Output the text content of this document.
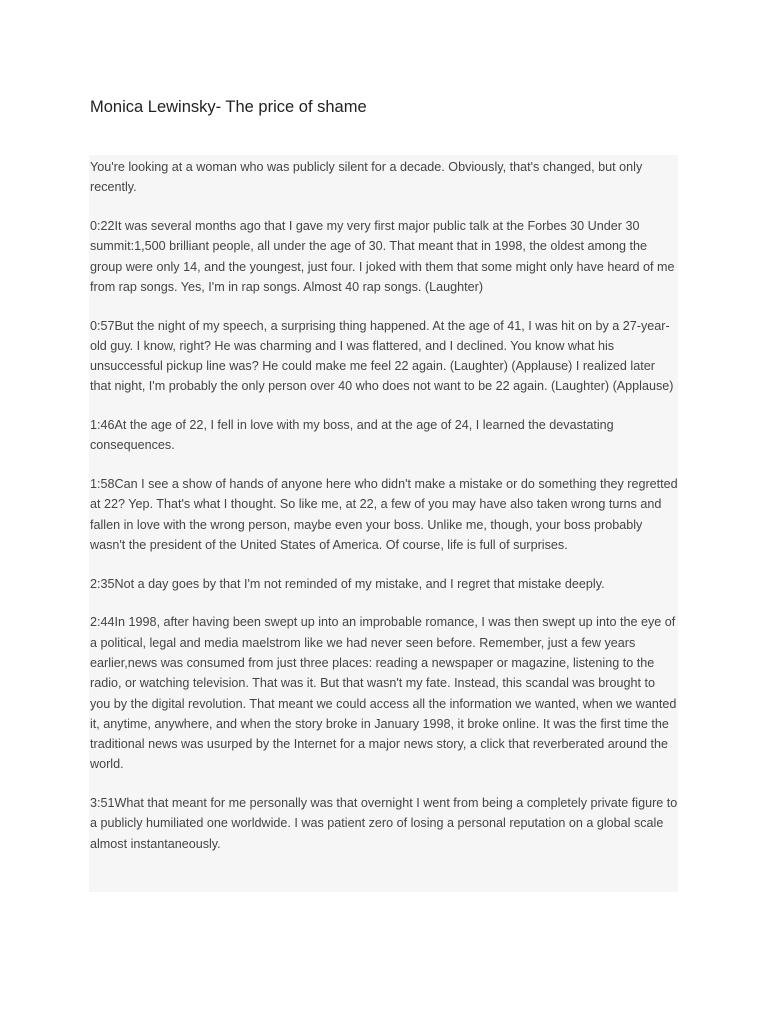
Monica Lewinsky- The price of shame

You're looking at a woman who was publicly silent for a decade. Obviously, that's changed, but only recently.

0:22It was several months ago that I gave my very first major public talk at the Forbes 30 Under 30 summit:1,500 brilliant people, all under the age of 30. That meant that in 1998, the oldest among the group were only 14, and the youngest, just four. I joked with them that some might only have heard of me from rap songs. Yes, I'm in rap songs. Almost 40 rap songs. (Laughter)

0:57But the night of my speech, a surprising thing happened. At the age of 41, I was hit on by a 27-year-old guy. I know, right? He was charming and I was flattered, and I declined. You know what his unsuccessful pickup line was? He could make me feel 22 again. (Laughter) (Applause) I realized later that night, I'm probably the only person over 40 who does not want to be 22 again. (Laughter) (Applause)

1:46At the age of 22, I fell in love with my boss, and at the age of 24, I learned the devastating consequences.

1:58Can I see a show of hands of anyone here who didn't make a mistake or do something they regretted at 22? Yep. That's what I thought. So like me, at 22, a few of you may have also taken wrong turns and fallen in love with the wrong person, maybe even your boss. Unlike me, though, your boss probably wasn't the president of the United States of America. Of course, life is full of surprises.

2:35Not a day goes by that I'm not reminded of my mistake, and I regret that mistake deeply.

2:44In 1998, after having been swept up into an improbable romance, I was then swept up into the eye of a political, legal and media maelstrom like we had never seen before. Remember, just a few years earlier,news was consumed from just three places: reading a newspaper or magazine, listening to the radio, or watching television. That was it. But that wasn't my fate. Instead, this scandal was brought to you by the digital revolution. That meant we could access all the information we wanted, when we wanted it, anytime, anywhere, and when the story broke in January 1998, it broke online. It was the first time the traditional news was usurped by the Internet for a major news story, a click that reverberated around the world.

3:51What that meant for me personally was that overnight I went from being a completely private figure to a publicly humiliated one worldwide. I was patient zero of losing a personal reputation on a global scale almost instantaneously.
